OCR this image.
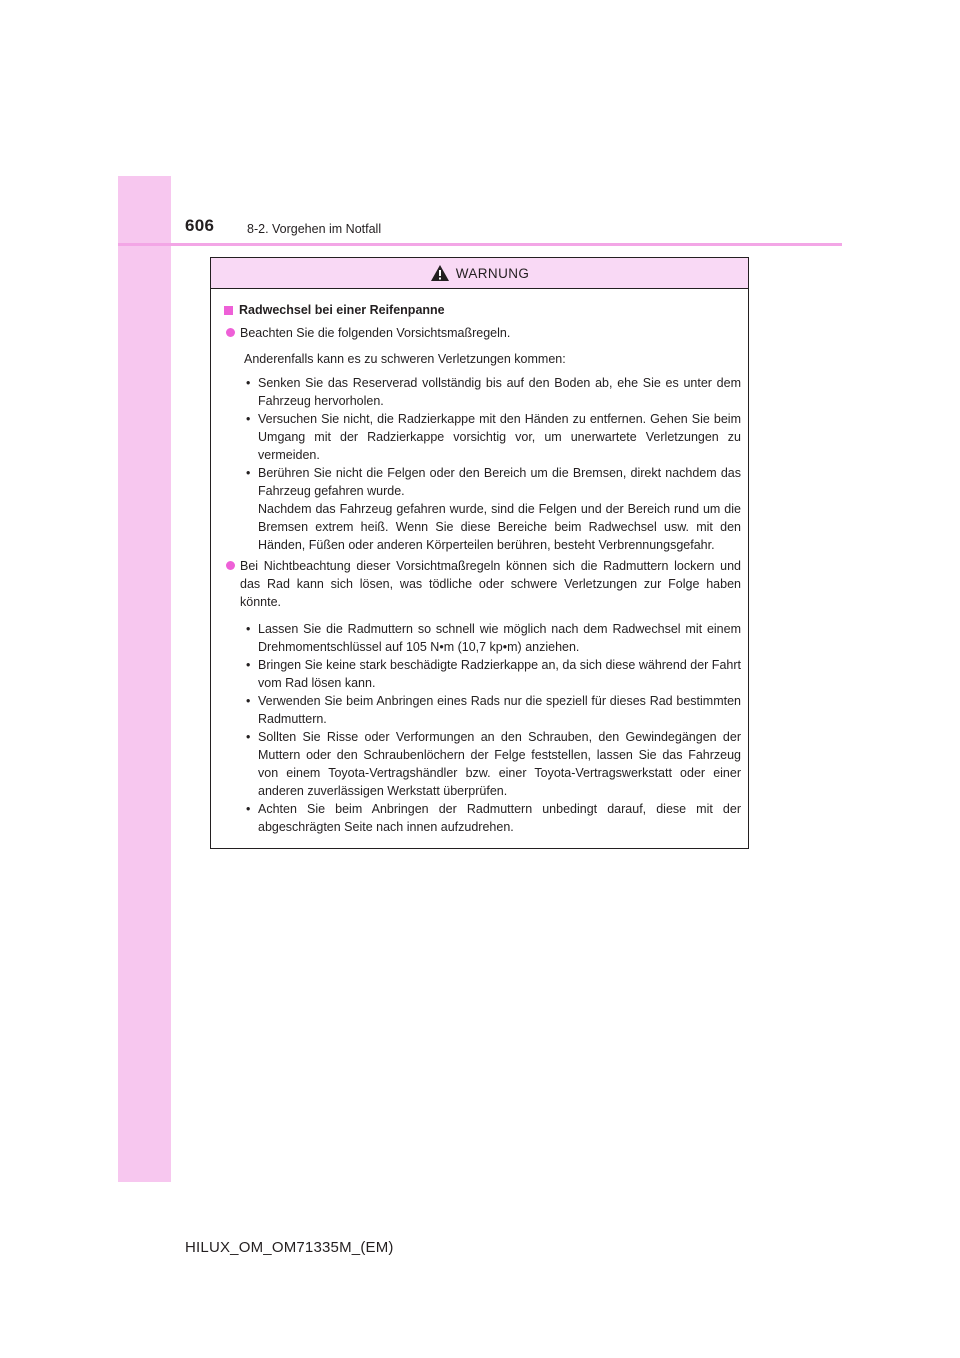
606	8-2. Vorgehen im Notfall
WARNUNG
Radwechsel bei einer Reifenpanne
Beachten Sie die folgenden Vorsichtsmaßregeln.
Anderenfalls kann es zu schweren Verletzungen kommen:
• Senken Sie das Reserverad vollständig bis auf den Boden ab, ehe Sie es unter dem Fahrzeug hervorholen.
• Versuchen Sie nicht, die Radzierkappe mit den Händen zu entfernen. Gehen Sie beim Umgang mit der Radzierkappe vorsichtig vor, um unerwartete Verletzungen zu vermeiden.
• Berühren Sie nicht die Felgen oder den Bereich um die Bremsen, direkt nachdem das Fahrzeug gefahren wurde.
Nachdem das Fahrzeug gefahren wurde, sind die Felgen und der Bereich rund um die Bremsen extrem heiß. Wenn Sie diese Bereiche beim Radwechsel usw. mit den Händen, Füßen oder anderen Körperteilen berühren, besteht Verbrennungsgefahr.
Bei Nichtbeachtung dieser Vorsichtmaßregeln können sich die Radmuttern lockern und das Rad kann sich lösen, was tödliche oder schwere Verletzungen zur Folge haben könnte.
• Lassen Sie die Radmuttern so schnell wie möglich nach dem Radwechsel mit einem Drehmomentschlüssel auf 105 N•m (10,7 kp•m) anziehen.
• Bringen Sie keine stark beschädigte Radzierkappe an, da sich diese während der Fahrt vom Rad lösen kann.
• Verwenden Sie beim Anbringen eines Rads nur die speziell für dieses Rad bestimmten Radmuttern.
• Sollten Sie Risse oder Verformungen an den Schrauben, den Gewindegängen der Muttern oder den Schraubenlöchern der Felge feststellen, lassen Sie das Fahrzeug von einem Toyota-Vertragshändler bzw. einer Toyota-Vertragswerkstatt oder einer anderen zuverlässigen Werkstatt überprüfen.
• Achten Sie beim Anbringen der Radmuttern unbedingt darauf, diese mit der abgeschrägten Seite nach innen aufzudrehen.
HILUX_OM_OM71335M_(EM)
